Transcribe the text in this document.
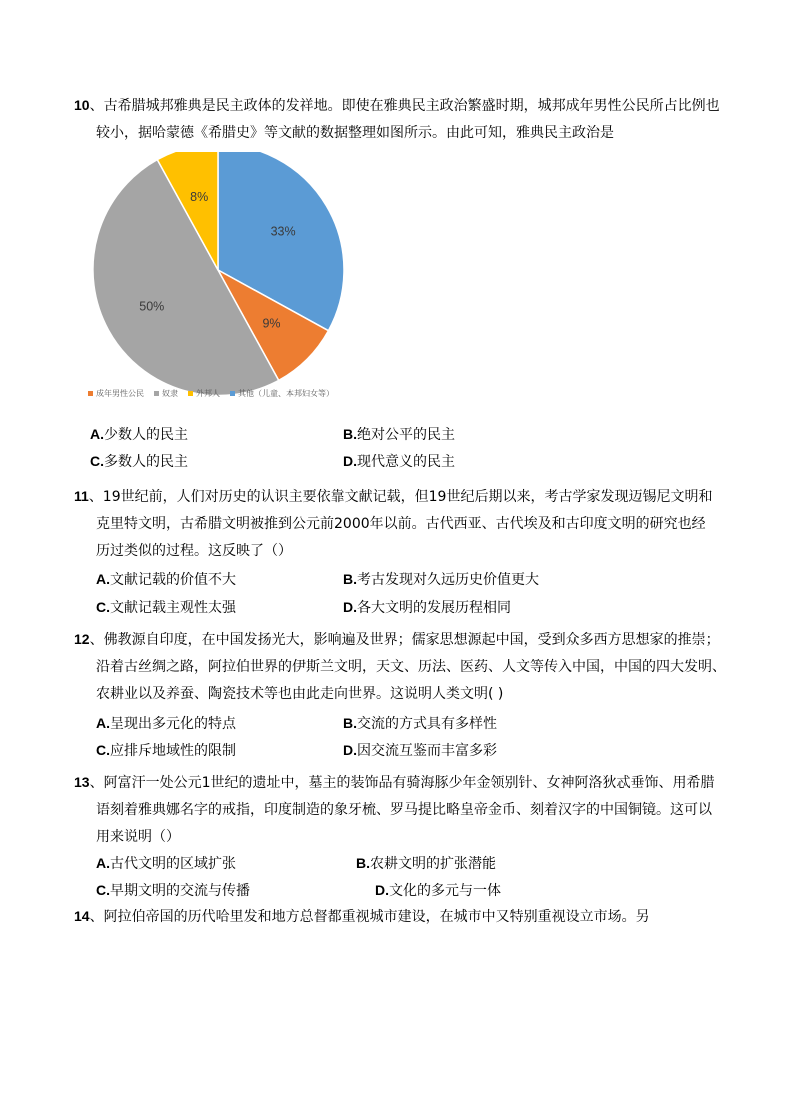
10、古希腊城邦雅典是民主政体的发祥地。即使在雅典民主政治繁盛时期，城邦成年男性公民所占比例也
较小，据哈蒙德《希腊史》等文献的数据整理如图所示。由此可知，雅典民主政治是
33%
9%
50%
8%
成年男性公民 奴隶 外邦人 其他（儿童、本邦妇女等）
A.少数人的民主	B.绝对公平的民主
C.多数人的民主	D.现代意义的民主
11、19世纪前，人们对历史的认识主要依靠文献记载，但19世纪后期以来，考古学家发现迈锡尼文明和
克里特文明，古希腊文明被推到公元前2000年以前。古代西亚、古代埃及和古印度文明的研究也经
历过类似的过程。这反映了（）
A.文献记载的价值不大	B.考古发现对久远历史价值更大
C.文献记载主观性太强	D.各大文明的发展历程相同
12、佛教源自印度，在中国发扬光大，影响遍及世界；儒家思想源起中国，受到众多西方思想家的推崇；
沿着古丝绸之路，阿拉伯世界的伊斯兰文明，天文、历法、医药、人文等传入中国，中国的四大发明、
农耕业以及养蚕、陶瓷技术等也由此走向世界。这说明人类文明( )
A.呈现出多元化的特点	B.交流的方式具有多样性
C.应排斥地域性的限制	D.因交流互鉴而丰富多彩
13、阿富汗一处公元1世纪的遗址中，墓主的装饰品有骑海豚少年金领别针、女神阿洛狄忒垂饰、用希腊
语刻着雅典娜名字的戒指，印度制造的象牙梳、罗马提比略皇帝金币、刻着汉字的中国铜镜。这可以
用来说明（）
A.古代文明的区域扩张	B.农耕文明的扩张潜能
C.早期文明的交流与传播	D.文化的多元与一体
14、阿拉伯帝国的历代哈里发和地方总督都重视城市建设，在城市中又特别重视设立市场。另
